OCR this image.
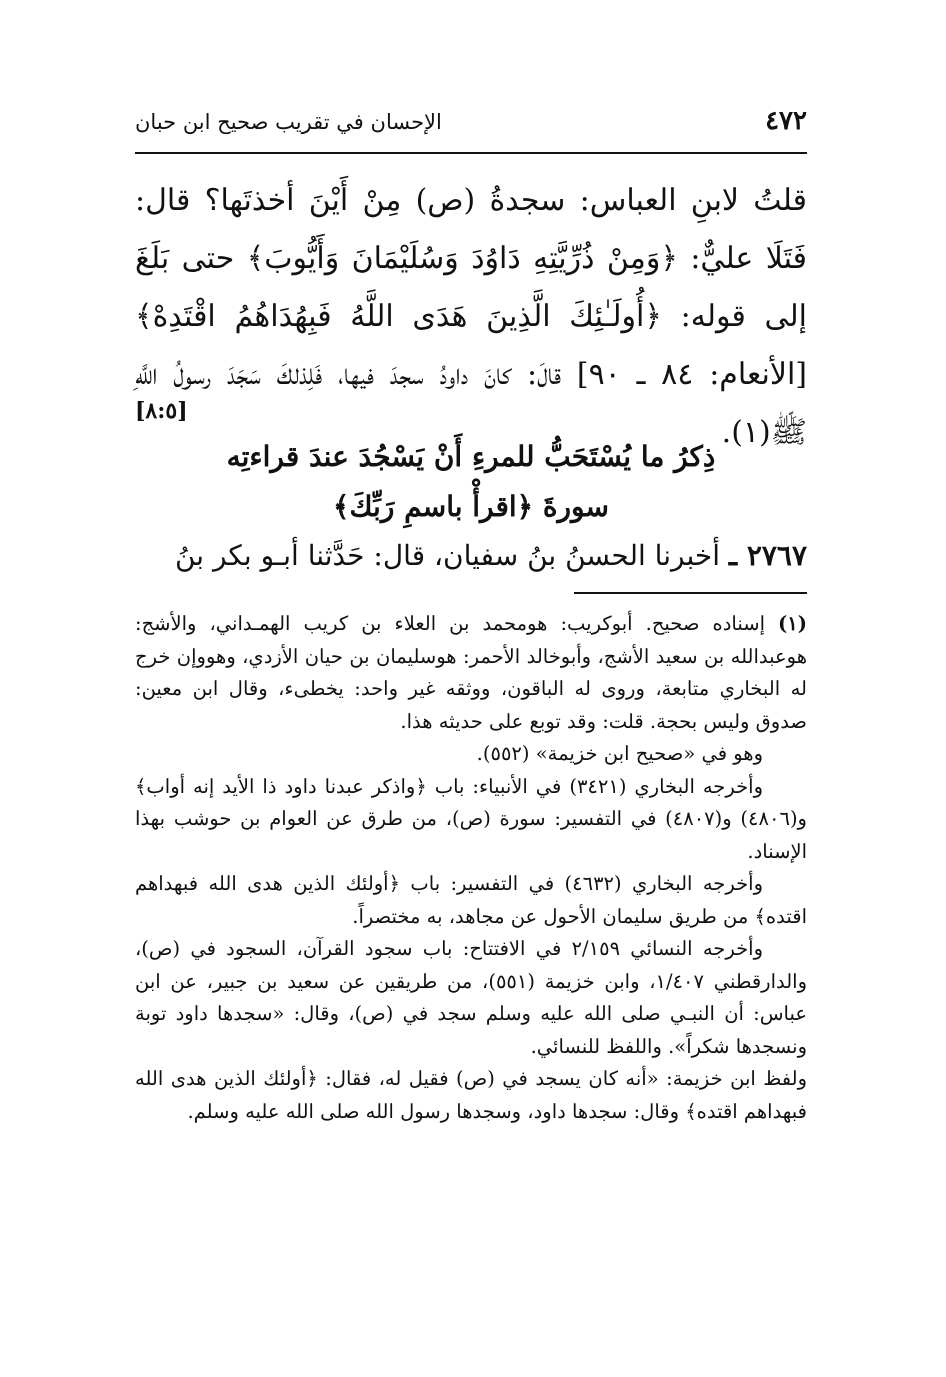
٤٧٢
الإحسان في تقريب صحيح ابن حبان

قلتُ لابنِ العباس: سجدةُ (ص) مِنْ أَيْنَ أخذتَها؟ قال: فَتَلَا عليٌّ: ﴿وَمِنْ ذُرِّيَّتِهِ دَاوُدَ وَسُلَيْمَانَ وَأَيُّوبَ﴾ حتى بَلَغَ إلى قوله: ﴿أُولَـٰئِكَ الَّذِينَ هَدَى اللَّهُ فَبِهُدَاهُمُ اقْتَدِهْ﴾ [الأنعام: ٨٤ ـ ٩٠] قالَ: كانَ داودُ سجدَ فيها، فَلِذلكَ سَجَدَ رسولُ اللَّهِ ﷺ(١).

[٨:٥]
ذِكرُ ما يُسْتَحَبُّ للمرءِ أَنْ يَسْجُدَ عندَ قراءتِه
سورةَ ﴿اقرأْ باسمِ رَبِّكَ﴾
٢٧٦٧ ـ أخبرنا الحسنُ بنُ سفيان، قال: حَدَّثنا أبـو بكر بنُ

(١) إسناده صحيح. أبوكريب: هومحمد بن العلاء بن كريب الهمـداني، والأشج: هوعبدالله بن سعيد الأشج، وأبوخالد الأحمر: هوسليمان بن حيان الأزدي، وهووإن خرج له البخاري متابعة، وروى له الباقون، ووثقه غير واحد: يخطىء، وقال ابن معين: صدوق وليس بحجة. قلت: وقد توبع على حديثه هذا.

وهو في «صحيح ابن خزيمة» (٥٥٢).

وأخرجه البخاري (٣٤٢١) في الأنبياء: باب ﴿واذكر عبدنا داود ذا الأيد إنه أواب﴾ و(٤٨٠٦) و(٤٨٠٧) في التفسير: سورة (ص)، من طرق عن العوام بن حوشب بهذا الإسناد.

وأخرجه البخاري (٤٦٣٢) في التفسير: باب ﴿أولئك الذين هدى الله فبهداهم اقتده﴾ من طريق سليمان الأحول عن مجاهد، به مختصراً.

وأخرجه النسائي ٢/١٥٩ في الافتتاح: باب سجود القرآن، السجود في (ص)، والدارقطني ١/٤٠٧، وابن خزيمة (٥٥١)، من طريقين عن سعيد بن جبير، عن ابن عباس: أن النبـي صلى الله عليه وسلم سجد في (ص)، وقال: «سجدها داود توبة ونسجدها شكراً». واللفظ للنسائي.

ولفظ ابن خزيمة: «أنه كان يسجد في (ص) فقيل له، فقال: ﴿أولئك الذين هدى الله فبهداهم اقتده﴾ وقال: سجدها داود، وسجدها رسول الله صلى الله عليه وسلم.
